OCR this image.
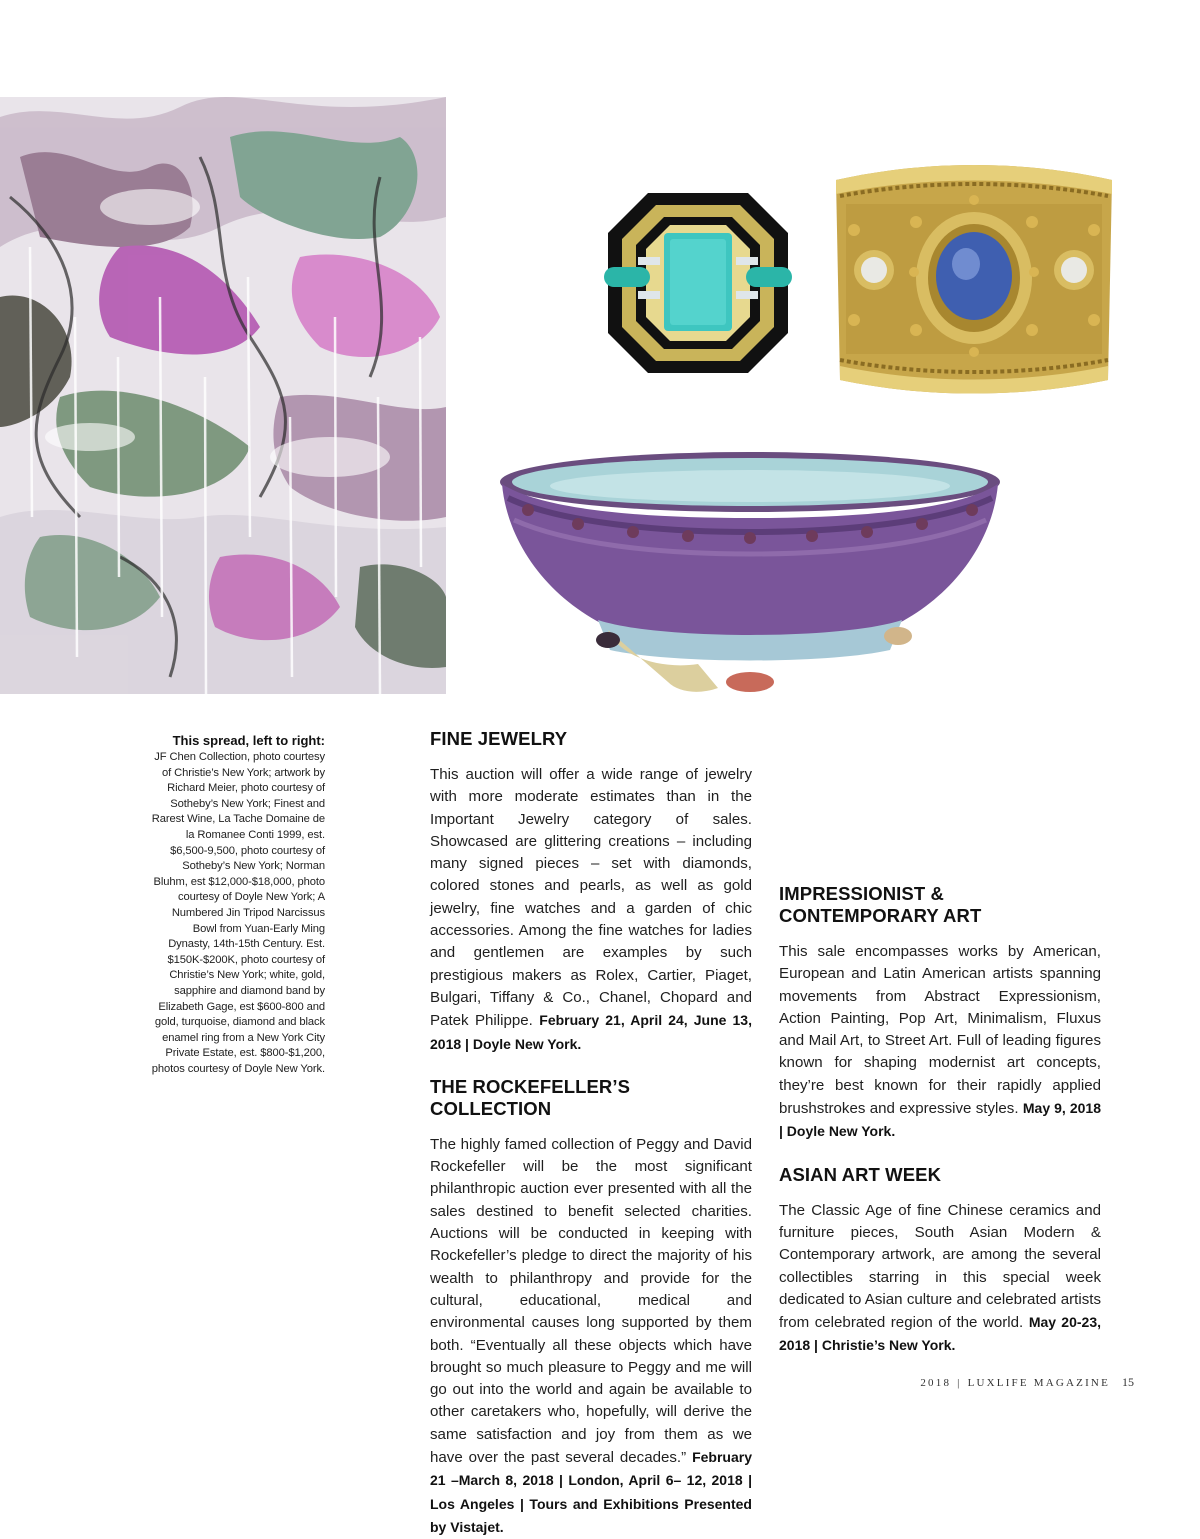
This spread, left to right:
JF Chen Collection, photo courtesy of Christie’s New York; artwork by Richard Meier, photo courtesy of Sotheby’s New York; Finest and Rarest Wine, La Tache Domaine de la Romanee Conti 1999, est. $6,500-9,500, photo courtesy of Sotheby’s New York; Norman Bluhm, est $12,000-$18,000, photo courtesy of Doyle New York; A Numbered Jin Tripod Narcissus Bowl from Yuan-Early Ming Dynasty, 14th-15th Century. Est. $150K-$200K, photo courtesy of Christie’s New York; white, gold, sapphire and diamond band by Elizabeth Gage, est $600-800 and gold, turquoise, diamond and black enamel ring from a New York City Private Estate, est. $800-$1,200, photos courtesy of Doyle New York.
FINE JEWELRY

This auction will offer a wide range of jewelry with more moderate estimates than in the Important Jewelry category of sales. Showcased are glittering creations – including many signed pieces – set with diamonds, colored stones and pearls, as well as gold jewelry, fine watches and a garden of chic accessories. Among the fine watches for ladies and gentlemen are examples by such prestigious makers as Rolex, Cartier, Piaget, Bulgari, Tiffany & Co., Chanel, Chopard and Patek Philippe. February 21, April 24, June 13, 2018 | Doyle New York.

THE ROCKEFELLER’S COLLECTION

The highly famed collection of Peggy and David Rockefeller will be the most significant philanthropic auction ever presented with all the sales destined to benefit selected charities. Auctions will be conducted in keeping with Rockefeller’s pledge to direct the majority of his wealth to philanthropy and provide for the cultural, educational, medical and environmental causes long supported by them both. “Eventually all these objects which have brought so much pleasure to Peggy and me will go out into the world and again be available to other caretakers who, hopefully, will derive the same satisfaction and joy from them as we have over the past several decades.” February 21 –March 8, 2018 | London, April 6– 12, 2018 | Los Angeles | Tours and Exhibitions Presented by Vistajet.

IMPRESSIONIST & CONTEMPORARY ART

This sale encompasses works by American, European and Latin American artists spanning movements from Abstract Expressionism, Action Painting, Pop Art, Minimalism, Fluxus and Mail Art, to Street Art. Full of leading figures known for shaping modernist art concepts, they’re best known for their rapidly applied brushstrokes and expressive styles. May 9, 2018 | Doyle New York.

ASIAN ART WEEK

The Classic Age of fine Chinese ceramics and furniture pieces, South Asian Modern & Contemporary artwork, are among the several collectibles starring in this special week dedicated to Asian culture and celebrated artists from celebrated region of the world. May 20-23, 2018 | Christie’s New York.

2018 | LUXLIFE MAGAZINE 15
